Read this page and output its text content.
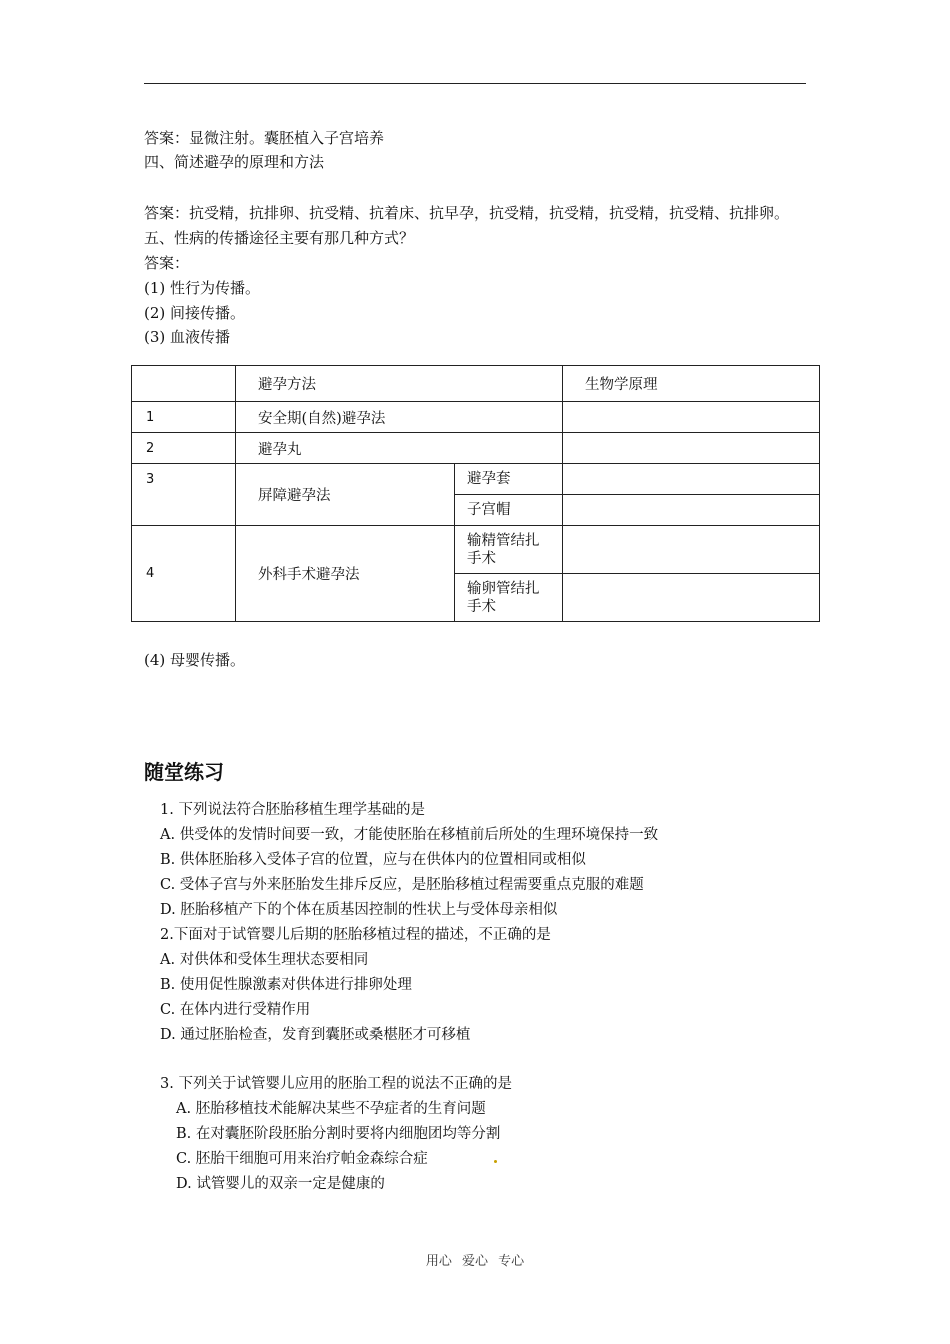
答案：显微注射。囊胚植入子宫培养
四、简述避孕的原理和方法
答案：抗受精，抗排卵、抗受精、抗着床、抗早孕，抗受精，抗受精，抗受精，抗受精、抗排卵。
五、性病的传播途径主要有那几种方式？
答案：
(1) 性行为传播。
(2) 间接传播。
(3) 血液传播
	避孕方法		生物学原理
1	安全期(自然)避孕法		
2	避孕丸		
3	屏障避孕法	避孕套	
		子宫帽	
4	外科手术避孕法	输精管结扎手术	
		输卵管结扎手术	
(4) 母婴传播。
随堂练习
1. 下列说法符合胚胎移植生理学基础的是
A. 供受体的发情时间要一致，才能使胚胎在移植前后所处的生理环境保持一致
B. 供体胚胎移入受体子宫的位置，应与在供体内的位置相同或相似
C. 受体子宫与外来胚胎发生排斥反应，是胚胎移植过程需要重点克服的难题
D. 胚胎移植产下的个体在质基因控制的性状上与受体母亲相似
2.下面对于试管婴儿后期的胚胎移植过程的描述，不正确的是
A. 对供体和受体生理状态要相同
B. 使用促性腺激素对供体进行排卵处理
C. 在体内进行受精作用
D. 通过胚胎检查，发育到囊胚或桑椹胚才可移植
3. 下列关于试管婴儿应用的胚胎工程的说法不正确的是
A. 胚胎移植技术能解决某些不孕症者的生育问题
B. 在对囊胚阶段胚胎分割时要将内细胞团均等分割
C. 胚胎干细胞可用来治疗帕金森综合症
D. 试管婴儿的双亲一定是健康的
用心 爱心 专心
